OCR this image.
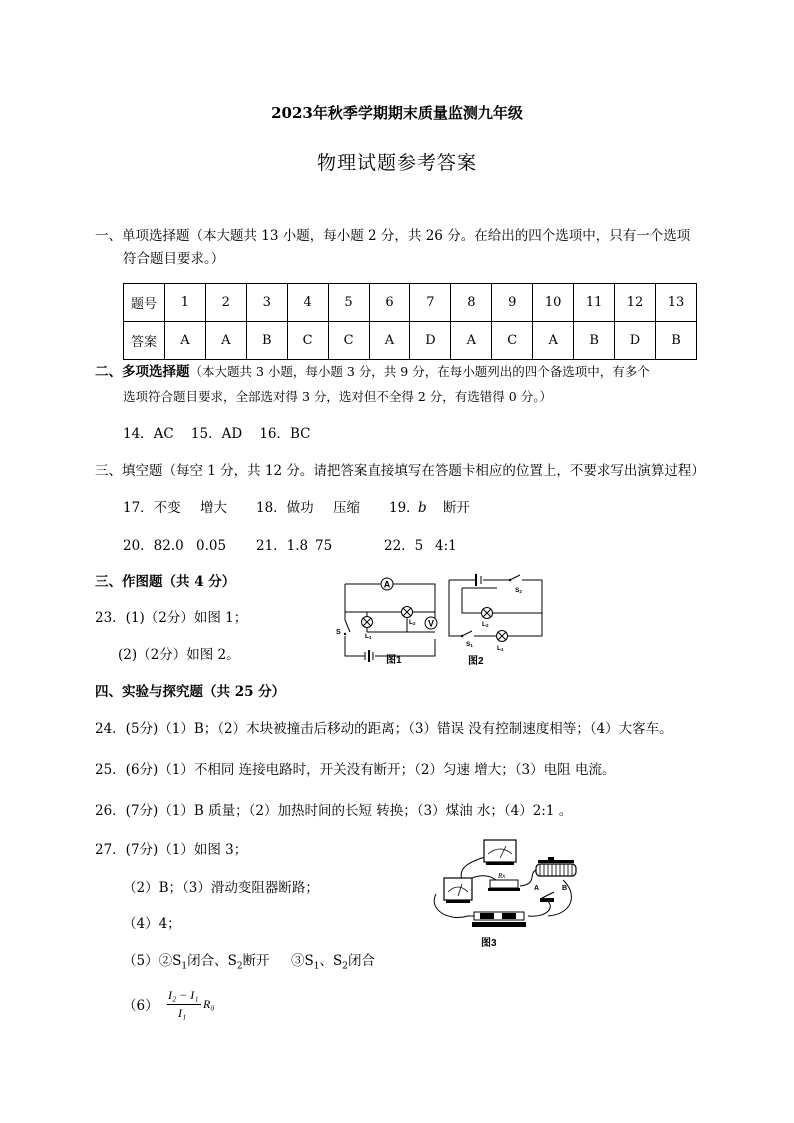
2023年秋季学期期末质量监测九年级
物理试题参考答案
一、单项选择题（本大题共 13 小题，每小题 2 分，共 26 分。在给出的四个选项中，只有一个选项
符合题目要求。）
题号	1	2	3	4	5	6	7	8	9	10	11	12	13
答案	A	A	B	C	C	A	D	A	C	A	B	D	B
二、多项选择题（本大题共 3 小题，每小题 3 分，共 9 分，在每小题列出的四个备选项中，有多个
选项符合题目要求，全部选对得 3 分，选对但不全得 2 分，有选错得 0 分。）
14．AC    15．AD    16．BC
三、填空题（每空 1 分，共 12 分。请把答案直接填写在答题卡相应的位置上，不要求写出演算过程）
17．不变 增大 18．做功 压缩 19．
b 断开
20．82.0 0.05 21．1.8 75	22．5 4:1
三、作图题（共 4 分）
23．(1)（2分）如图 1；
(2)（2分）如图 2。
A
L1
L2 V
S
图1
S2
L2
S1	L1
图2
四、实验与探究题（共 25 分）
24．(5分)（1）B；（2）木块被撞击后移动的距离；（3）错误 没有控制速度相等；（4）大客车。
25．(6分)（1）不相同 连接电路时，开关没有断开；（2）匀速 增大；（3）电阻 电流。
26．(7分)（1）B 质量；（2）加热时间的长短 转换；（3）煤油 水；（4）2:1 。
27．(7分)（1）如图 3；
（2）B；（3）滑动变阻器断路；
（4）4；
$(5)②S_1$闭合、$S_2$断开     $③S_1$、$S_2$闭合
（6）
I₂ − I₁
I₁
R₀
Rx
A	B
图3
